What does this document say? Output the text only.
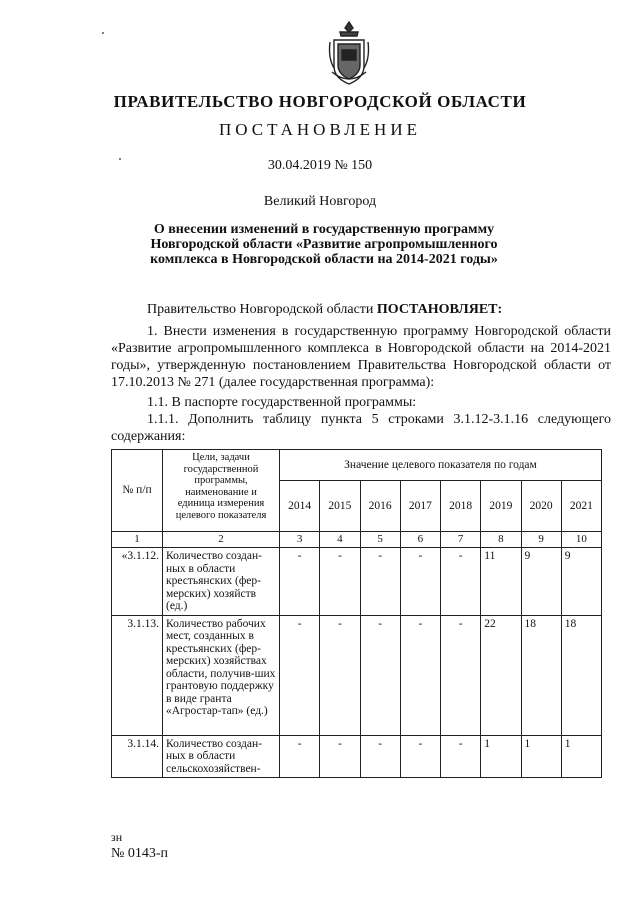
ПРАВИТЕЛЬСТВО НОВГОРОДСКОЙ ОБЛАСТИ
ПОСТАНОВЛЕНИЕ
30.04.2019 № 150
Великий Новгород
О внесении изменений в государственную программу Новгородской области «Развитие агропромышленного комплекса в Новгородской области на 2014-2021 годы»
Правительство Новгородской области ПОСТАНОВЛЯЕТ:
1. Внести изменения в государственную программу Новгородской области «Развитие агропромышленного комплекса в Новгородской области на 2014-2021 годы», утвержденную постановлением Правительства Новгородской области от 17.10.2013 № 271 (далее государственная программа):
1.1. В паспорте государственной программы:
1.1.1. Дополнить таблицу пункта 5 строками 3.1.12-3.1.16 следующего содержания:
№ п/п	Цели, задачи государственной программы, наименование и единица измерения целевого показателя	Значение целевого показателя по годам							
		2014	2015	2016	2017	2018	2019	2020	2021
1	2	3	4	5	6	7	8	9	10
«3.1.12.	Количество создан-ных в области крестьянских (фер-мерских) хозяйств (ед.)	-	-	-	-	-	11	9	9
3.1.13.	Количество рабочих мест, созданных в крестьянских (фер-мерских) хозяйствах области, получив-ших грантовую поддержку в виде гранта «Агростар-тап» (ед.)	-	-	-	-	-	22	18	18
3.1.14.	Количество создан-ных в области сельскохозяйствен-	-	-	-	-	-	1	1	1
зн
№ 0143-п
